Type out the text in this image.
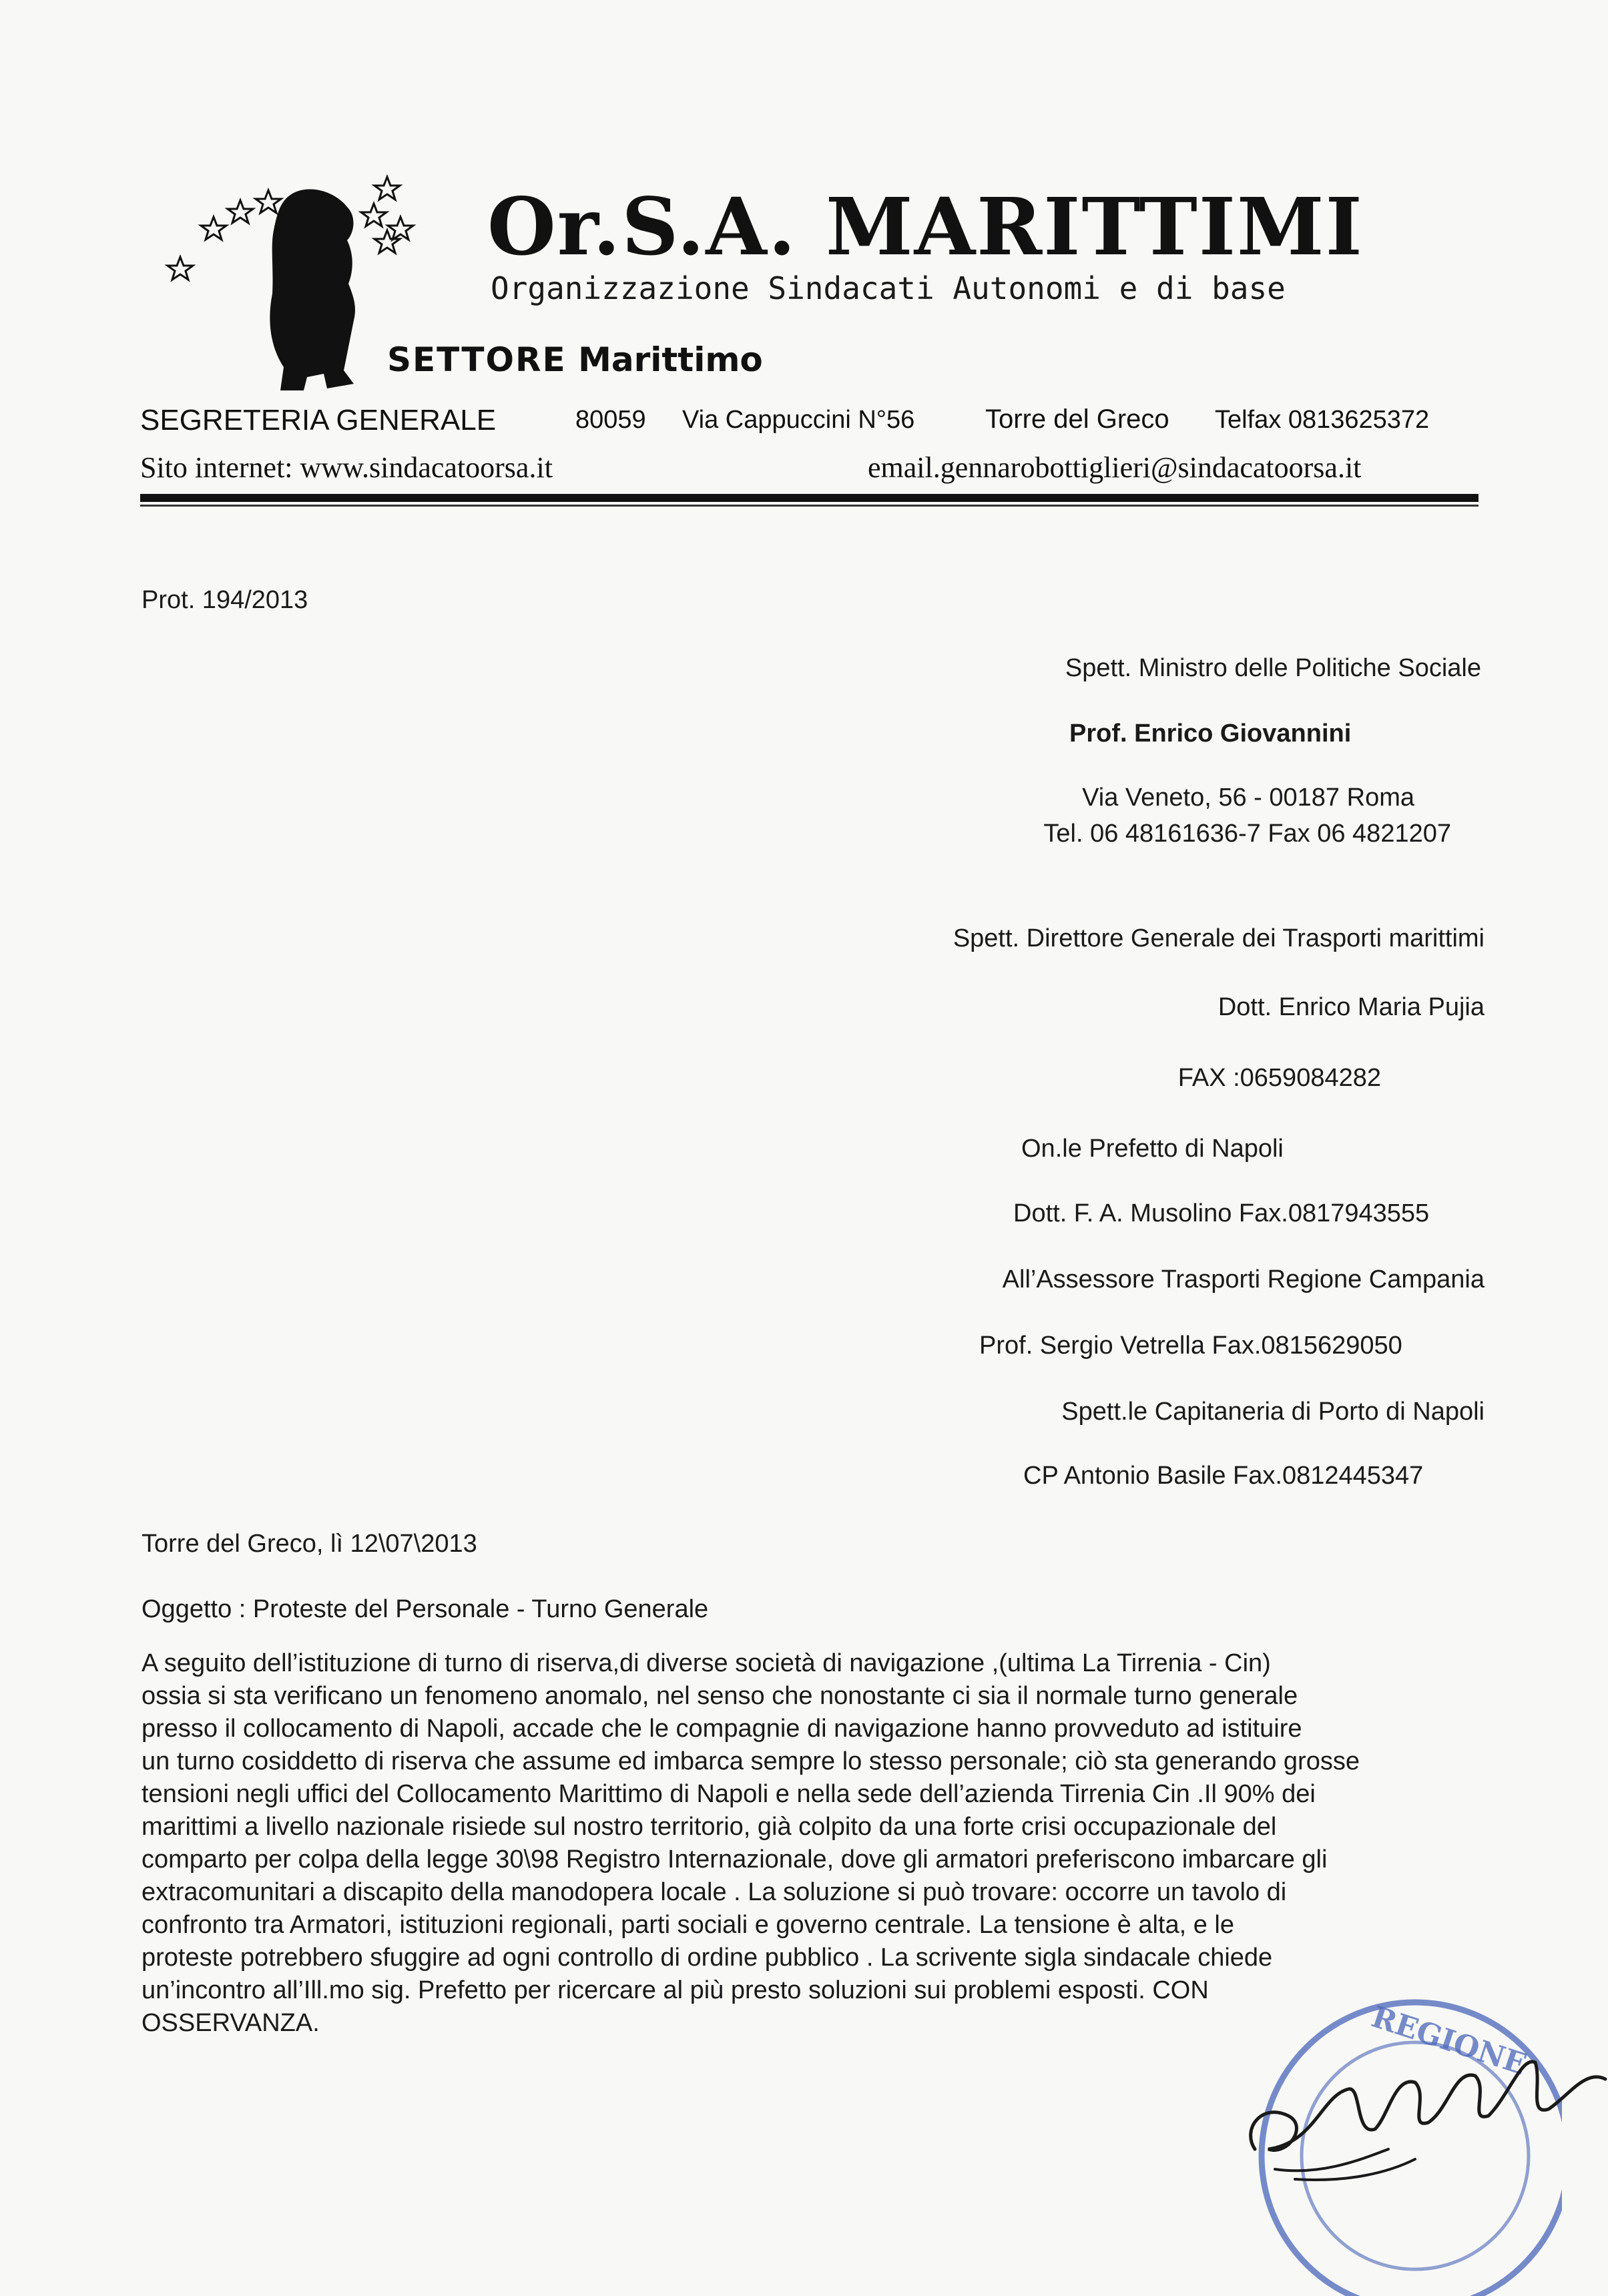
Or.S.A. MARITTIMI
Organizzazione Sindacati Autonomi e di base
SETTORE Marittimo
SEGRETERIA GENERALE	80059 Via Cappuccini N°56	Torre del Greco Telfax 0813625372
Sito internet: www.sindacatoorsa.it	email.gennarobottiglieri@sindacatoorsa.it
Prot. 194/2013
Spett. Ministro delle Politiche Sociale
Prof. Enrico Giovannini
Via Veneto, 56 - 00187 Roma
Tel. 06 48161636-7 Fax 06 4821207
Spett. Direttore Generale dei Trasporti marittimi
Dott. Enrico Maria Pujia
FAX :0659084282
On.le Prefetto di Napoli
Dott. F. A. Musolino Fax.0817943555
All’Assessore Trasporti Regione Campania
Prof. Sergio Vetrella Fax.0815629050
Spett.le Capitaneria di Porto di Napoli
CP Antonio Basile Fax.0812445347
Torre del Greco, lì 12\07\2013
Oggetto : Proteste del Personale - Turno Generale
A seguito dell’istituzione di turno di riserva,di diverse società di navigazione ,(ultima La Tirrenia - Cin)
ossia si sta verificano un fenomeno anomalo, nel senso che nonostante ci sia il normale turno generale
presso il collocamento di Napoli, accade che le compagnie di navigazione hanno provveduto ad istituire
un turno cosiddetto di riserva che assume ed imbarca sempre lo stesso personale; ciò sta generando grosse
tensioni negli uffici del Collocamento Marittimo di Napoli e nella sede dell’azienda Tirrenia Cin .Il 90% dei
marittimi a livello nazionale risiede sul nostro territorio, già colpito da una forte crisi occupazionale del
comparto per colpa della legge 30\98 Registro Internazionale, dove gli armatori preferiscono imbarcare gli
extracomunitari a discapito della manodopera locale . La soluzione si può trovare: occorre un tavolo di
confronto tra Armatori, istituzioni regionali, parti sociali e governo centrale. La tensione è alta, e le
proteste potrebbero sfuggire ad ogni controllo di ordine pubblico . La scrivente sigla sindacale chiede
un’incontro all’Ill.mo sig. Prefetto per ricercare al più presto soluzioni sui problemi esposti. CON
OSSERVANZA.	REGIONE
